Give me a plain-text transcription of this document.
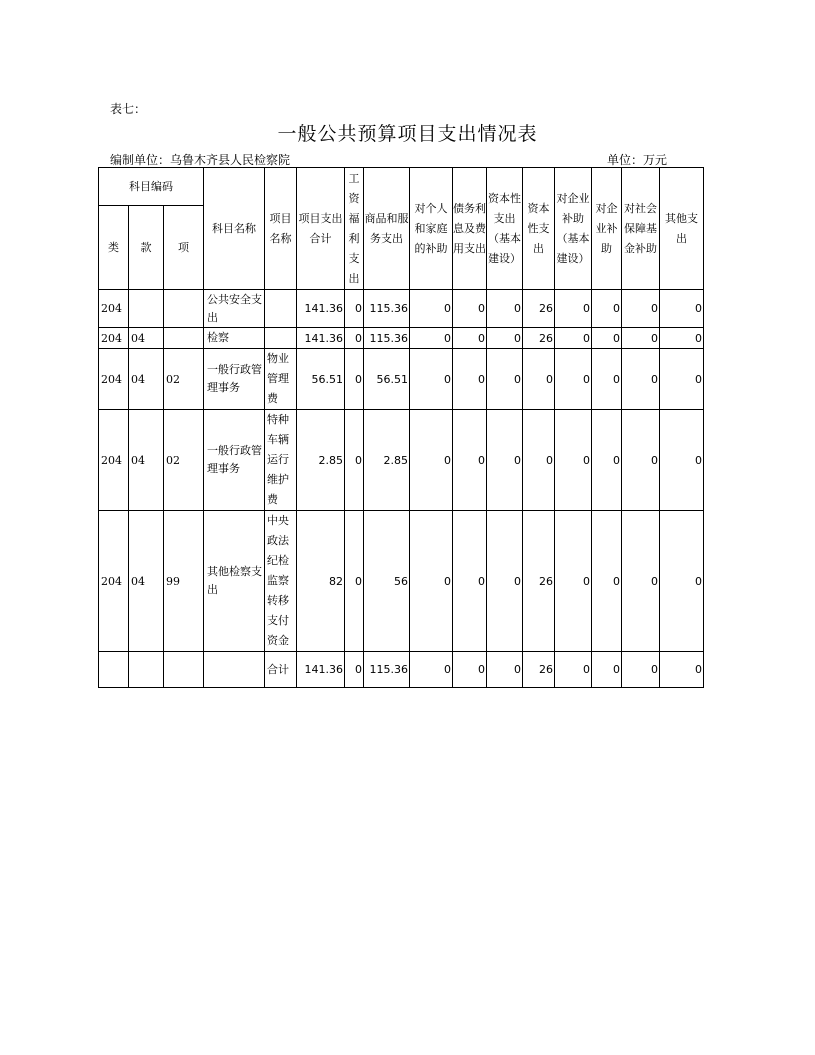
表七：
一般公共预算项目支出情况表
编制单位：乌鲁木齐县人民检察院	单位：万元
科目编码			科目名称	项目名称	项目支出合计	工资福利支出	商品和服务支出	对个人和家庭的补助	债务利息及费用支出	资本性支出（基本建设）	资本性支出	对企业补助（基本建设）	对企业补助	对社会保障基金补助	其他支出
类	款	项													
204			公共安全支出		141.36	0	115.36	0	0	0	26	0	0	0	0
204	04		检察		141.36	0	115.36	0	0	0	26	0	0	0	0
204	04	02	一般行政管理事务	物业管理费	56.51	0	56.51	0	0	0	0	0	0	0	0
204	04	02	一般行政管理事务	特种车辆运行维护费	2.85	0	2.85	0	0	0	0	0	0	0	0
204	04	99	其他检察支出	中央政法纪检监察转移支付资金	82	0	56	0	0	0	26	0	0	0	0
				合计	141.36	0	115.36	0	0	0	26	0	0	0	0
